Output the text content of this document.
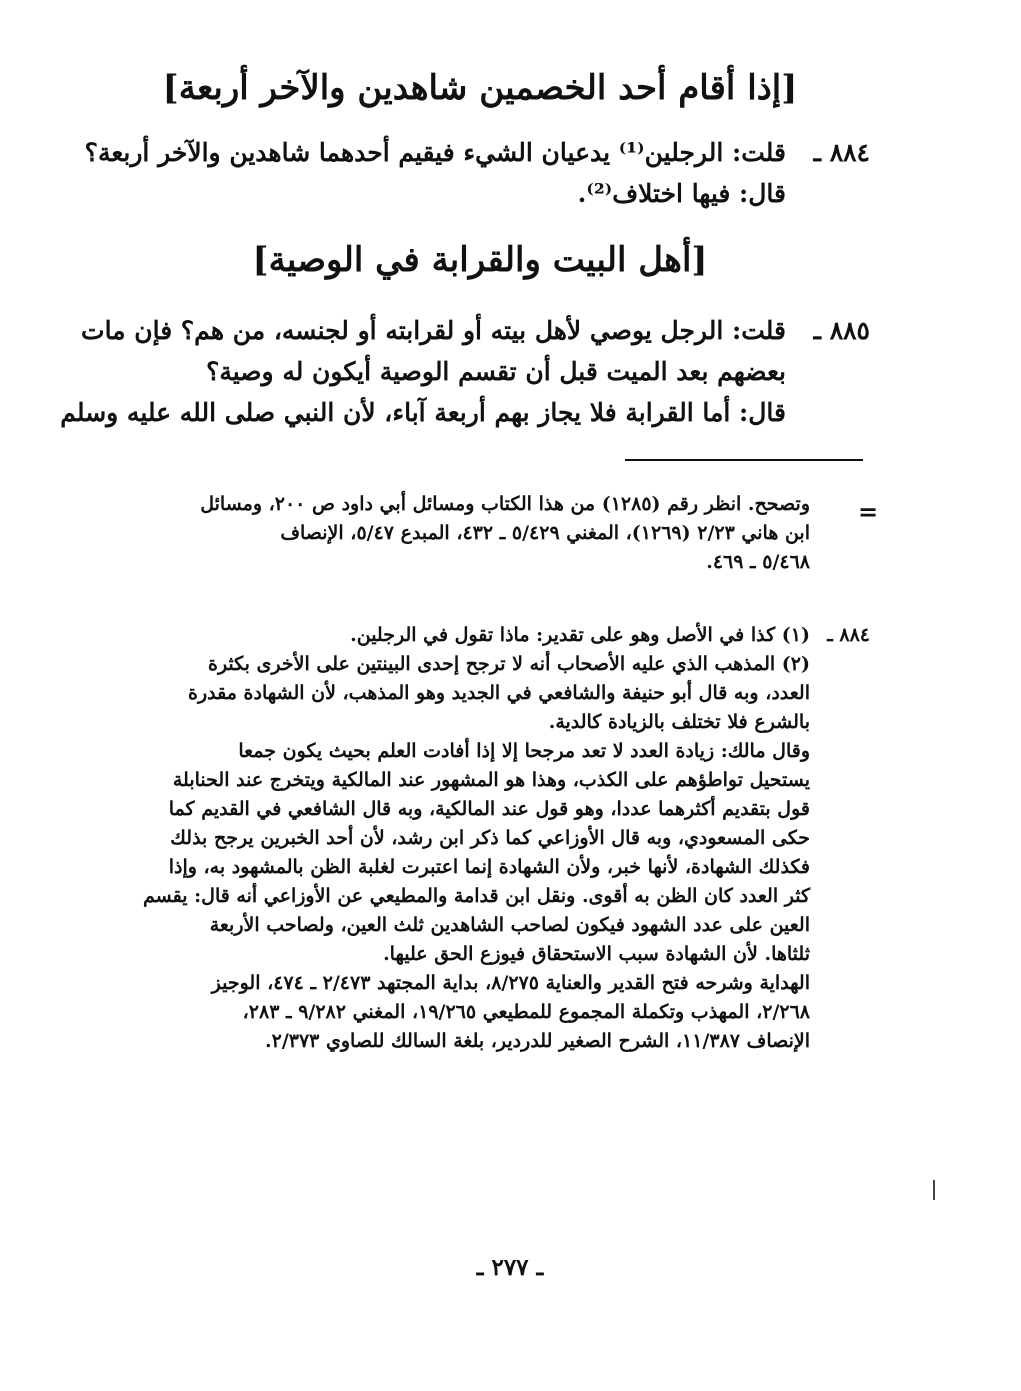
[إذا أقام أحد الخصمين شاهدين والآخر أربعة]
٨٨٤ ـ
قلت: الرجلين⁽¹⁾ يدعيان الشيء فيقيم أحدهما شاهدين والآخر أربعة؟
قال: فيها اختلاف⁽²⁾.
[أهل البيت والقرابة في الوصية]
٨٨٥ ـ
قلت: الرجل يوصي لأهل بيته أو لقرابته أو لجنسه، من هم؟ فإن مات
بعضهم بعد الميت قبل أن تقسم الوصية أيكون له وصية؟
قال: أما القرابة فلا يجاز بهم أربعة آباء، لأن النبي صلى الله عليه وسلم
=
وتصحح. انظر رقم (١٢٨٥) من هذا الكتاب ومسائل أبي داود ص ٢٠٠، ومسائل
ابن هاني ٢/٢٣ (١٢٦٩)، المغني ٥/٤٢٩ ـ ٤٣٢، المبدع ٥/٤٧، الإنصاف
٥/٤٦٨ ـ ٤٦٩.
٨٨٤ ـ
(١) كذا في الأصل وهو على تقدير: ماذا تقول في الرجلين.
(٢) المذهب الذي عليه الأصحاب أنه لا ترجح إحدى البينتين على الأخرى بكثرة
العدد، وبه قال أبو حنيفة والشافعي في الجديد وهو المذهب، لأن الشهادة مقدرة
بالشرع فلا تختلف بالزيادة كالدية.
وقال مالك: زيادة العدد لا تعد مرجحا إلا إذا أفادت العلم بحيث يكون جمعا
يستحيل تواطؤهم على الكذب، وهذا هو المشهور عند المالكية ويتخرج عند الحنابلة
قول بتقديم أكثرهما عددا، وهو قول عند المالكية، وبه قال الشافعي في القديم كما
حكى المسعودي، وبه قال الأوزاعي كما ذكر ابن رشد، لأن أحد الخبرين يرجح بذلك
فكذلك الشهادة، لأنها خبر، ولأن الشهادة إنما اعتبرت لغلبة الظن بالمشهود به، وإذا
كثر العدد كان الظن به أقوى. ونقل ابن قدامة والمطيعي عن الأوزاعي أنه قال: يقسم
العين على عدد الشهود فيكون لصاحب الشاهدين ثلث العين، ولصاحب الأربعة
ثلثاها. لأن الشهادة سبب الاستحقاق فيوزع الحق عليها.
الهداية وشرحه فتح القدير والعناية ٨/٢٧٥، بداية المجتهد ٢/٤٧٣ ـ ٤٧٤، الوجيز
٢/٢٦٨، المهذب وتكملة المجموع للمطيعي ١٩/٢٦٥، المغني ٩/٢٨٢ ـ ٢٨٣،
الإنصاف ١١/٣٨٧، الشرح الصغير للدردير، بلغة السالك للصاوي ٢/٣٧٣.
ـ ٢٧٧ ـ
